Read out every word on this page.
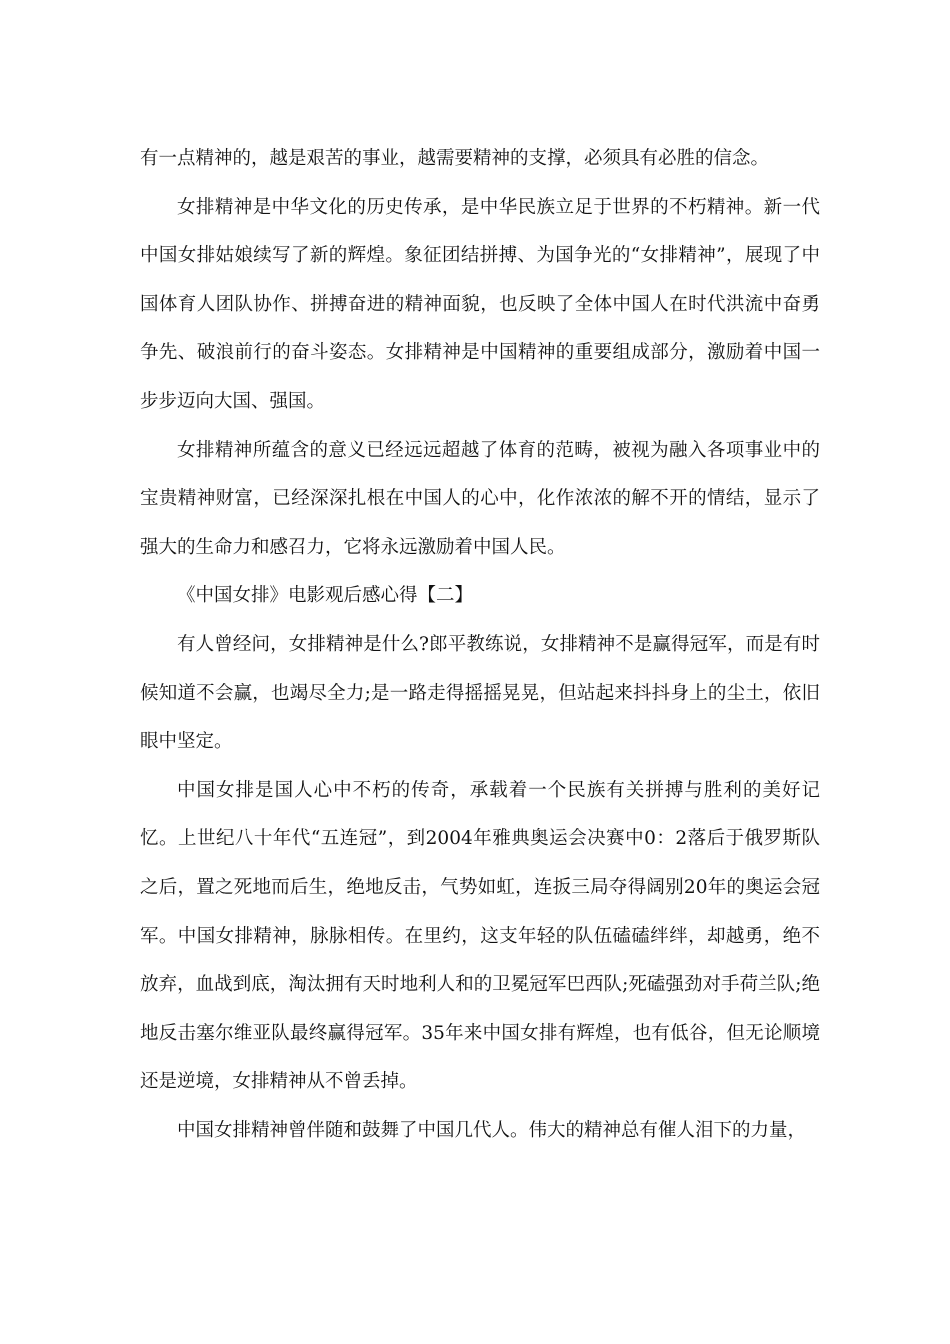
有一点精神的，越是艰苦的事业，越需要精神的支撑，必须具有必胜的信念。

女排精神是中华文化的历史传承，是中华民族立足于世界的不朽精神。新一代中国女排姑娘续写了新的辉煌。象征团结拼搏、为国争光的“女排精神”，展现了中国体育人团队协作、拼搏奋进的精神面貌，也反映了全体中国人在时代洪流中奋勇争先、破浪前行的奋斗姿态。女排精神是中国精神的重要组成部分，激励着中国一步步迈向大国、强国。

女排精神所蕴含的意义已经远远超越了体育的范畴，被视为融入各项事业中的宝贵精神财富，已经深深扎根在中国人的心中，化作浓浓的解不开的情结，显示了强大的生命力和感召力，它将永远激励着中国人民。

《中国女排》电影观后感心得【二】

有人曾经问，女排精神是什么?郎平教练说，女排精神不是赢得冠军，而是有时候知道不会赢，也竭尽全力;是一路走得摇摇晃晃，但站起来抖抖身上的尘土，依旧眼中坚定。

中国女排是国人心中不朽的传奇，承载着一个民族有关拼搏与胜利的美好记忆。上世纪八十年代“五连冠”，到2004年雅典奥运会决赛中0：2落后于俄罗斯队之后，置之死地而后生，绝地反击，气势如虹，连扳三局夺得阔别20年的奥运会冠军。中国女排精神，脉脉相传。在里约，这支年轻的队伍磕磕绊绊，却越勇，绝不放弃，血战到底，淘汰拥有天时地利人和的卫冕冠军巴西队;死磕强劲对手荷兰队;绝地反击塞尔维亚队最终赢得冠军。35年来中国女排有辉煌，也有低谷，但无论顺境还是逆境，女排精神从不曾丢掉。

中国女排精神曾伴随和鼓舞了中国几代人。伟大的精神总有催人泪下的力量，
